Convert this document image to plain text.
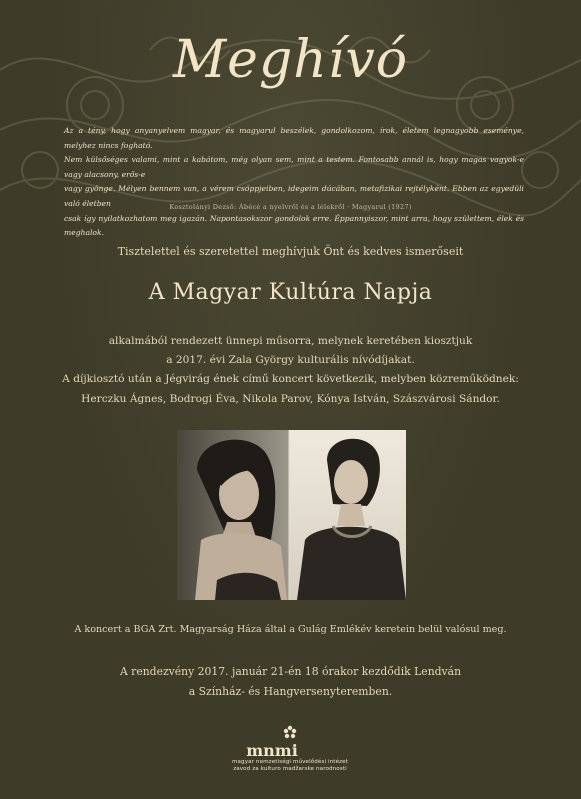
Meghívó
Az a tény, hogy anyanyelvem magyar, és magyarul beszélek, gondolkozom, írok, életem legnagyobb eseménye, melyhez nincs fogható.
Nem külsőséges valami, mint a kabátom, még olyan sem, mint a testem. Fontosabb annál is, hogy magas vagyok-e vagy alacsony, erős-e
vagy gyönge. Mélyen bennem van, a vérem csöppjeiben, idegeim dúcában, metafizikai rejtélyként. Ebben az egyedüli való életben
csak így nyilatkozhatom meg igazán. Napontasokszor gondolok erre. Éppannyiszor, mint arra, hogy születtem, élek és meghalok.
Kosztolányi Dezső: Ábécé a nyelvről és a lélekről · Magyarul (1927)
Tisztelettel és szeretettel meghívjuk Önt és kedves ismerőseit
A Magyar Kultúra Napja
alkalmából rendezett ünnepi műsorra, melynek keretében kiosztjuk
a 2017. évi Zala György kulturális nívódíjakat.
A díjkiosztó után a Jégvirág ének című koncert következik, melyben közreműködnek:
Herczku Ágnes, Bodrogi Éva, Nikola Parov, Kónya István, Szászvárosi Sándor.
A koncert a BGA Zrt. Magyarság Háza által a Gulág Emlékév keretein belül valósul meg.
A rendezvény 2017. január 21-én 18 órakor kezdődik Lendván
a Színház- és Hangversenyteremben.
mnmi
magyar nemzetiségi művelődési intézet
zavod za kulturo madžarske narodnosti
